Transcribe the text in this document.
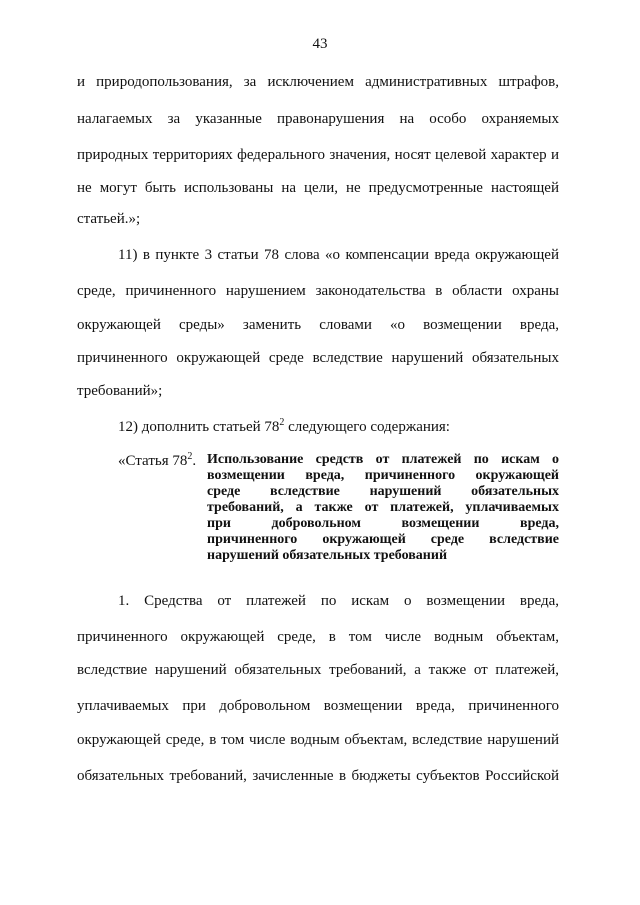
43
и природопользования, за исключением административных штрафов,
налагаемых за указанные правонарушения на особо охраняемых
природных территориях федерального значения, носят целевой характер и
не могут быть использованы на цели, не предусмотренные настоящей
статьей.»;
11) в пункте 3 статьи 78 слова «о компенсации вреда окружающей
среде, причиненного нарушением законодательства в области охраны
окружающей среды» заменить словами «о возмещении вреда,
причиненного окружающей среде вследствие нарушений обязательных
требований»;
12) дополнить статьей $78^2$ следующего содержания:
«Статья $78^2$. Использование средств от платежей по искам о
возмещении вреда, причиненного окружающей
среде вследствие нарушений обязательных
требований, а также от платежей, уплачиваемых
при добровольном возмещении вреда,
причиненного окружающей среде вследствие
нарушений обязательных требований
1. Средства от платежей по искам о возмещении вреда,
причиненного окружающей среде, в том числе водным объектам,
вследствие нарушений обязательных требований, а также от платежей,
уплачиваемых при добровольном возмещении вреда, причиненного
окружающей среде, в том числе водным объектам, вследствие нарушений
обязательных требований, зачисленные в бюджеты субъектов Российской
